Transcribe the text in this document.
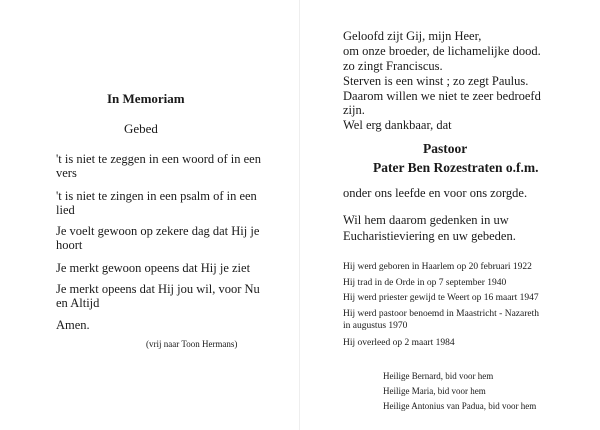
In Memoriam
Gebed
't is niet te zeggen in een woord of in een vers
't is niet te zingen in een psalm of in een lied
Je voelt gewoon op zekere dag dat Hij je hoort
Je merkt gewoon opeens dat Hij je ziet
Je merkt opeens dat Hij jou wil, voor Nu en Altijd
Amen.
(vrij naar Toon Hermans)
Geloofd zijt Gij, mijn Heer,
om onze broeder, de lichamelijke dood.
zo zingt Franciscus.
Sterven is een winst ; zo zegt Paulus.
Daarom willen we niet te zeer bedroefd
zijn.
Wel erg dankbaar, dat
Pastoor
Pater Ben Rozestraten o.f.m.
onder ons leefde en voor ons zorgde.
Wil hem daarom gedenken in uw
Eucharistieviering en uw gebeden.
Hij werd geboren in Haarlem op 20 februari 1922
Hij trad in de Orde in op 7 september 1940
Hij werd priester gewijd te Weert op 16 maart 1947
Hij werd pastoor benoemd in Maastricht - Nazareth
in augustus 1970
Hij overleed op 2 maart 1984
Heilige Bernard, bid voor hem
Heilige Maria, bid voor hem
Heilige Antonius van Padua, bid voor hem
